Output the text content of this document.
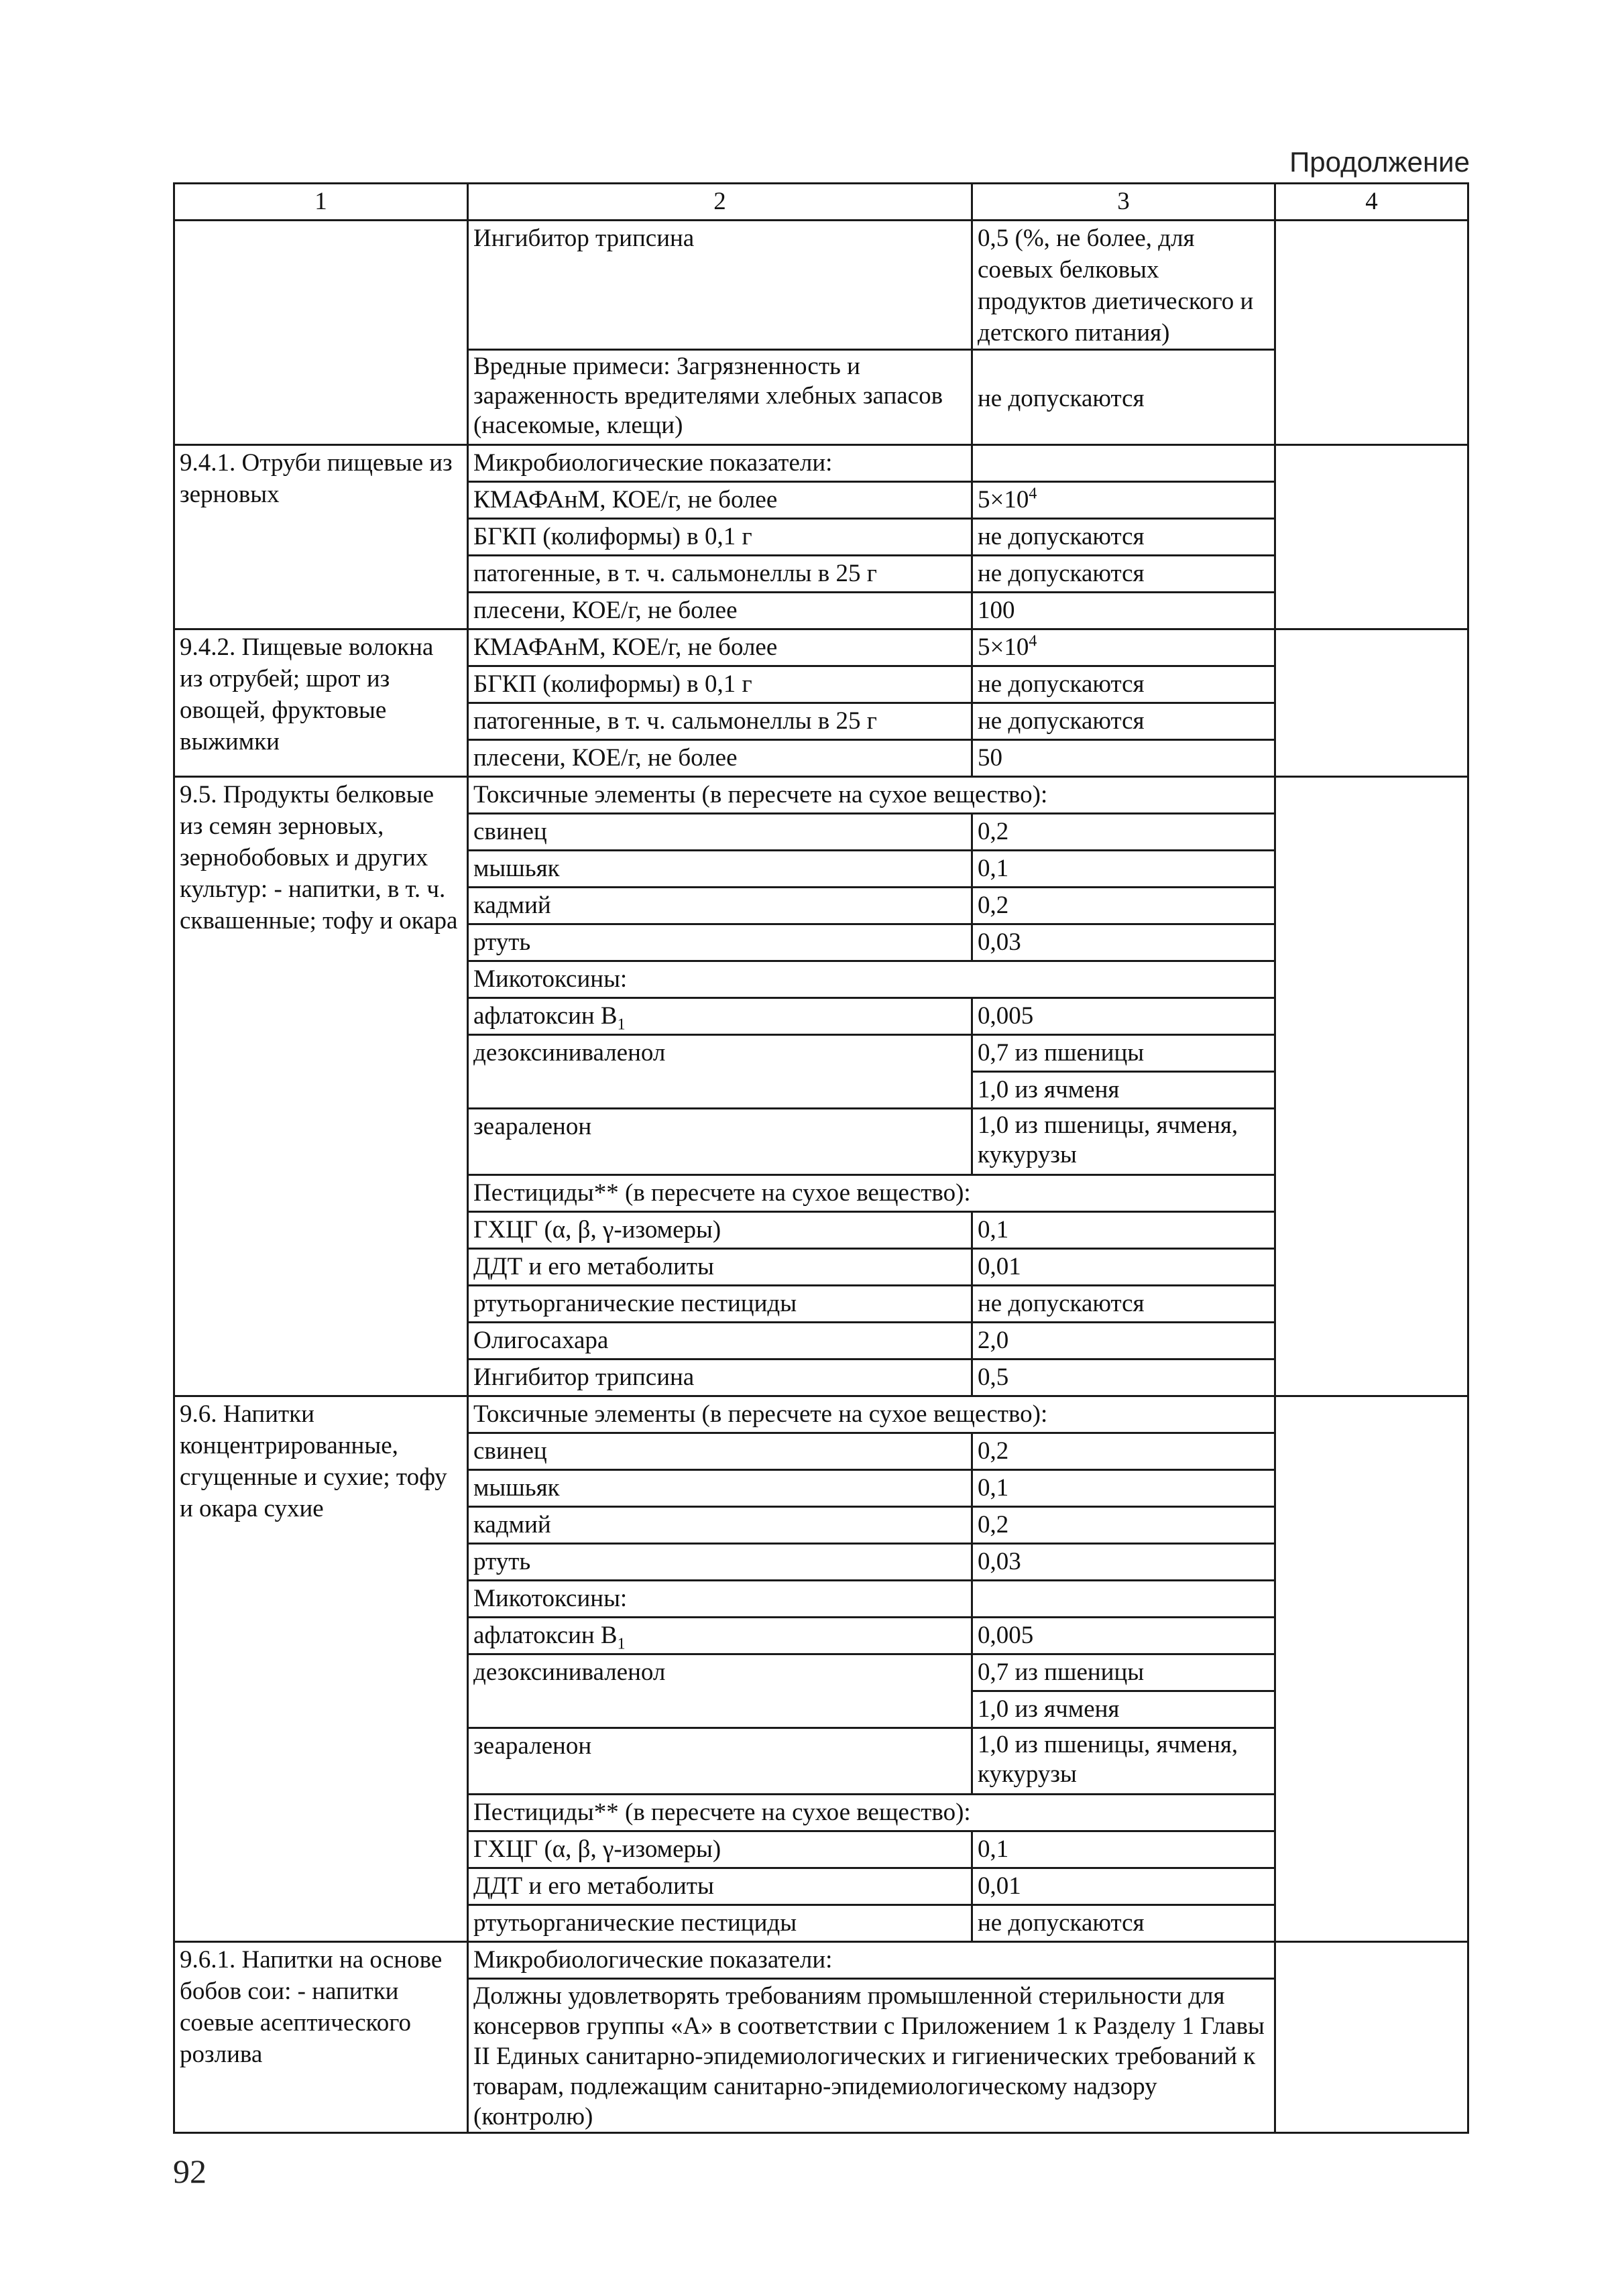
Продолжение
1	2	3	4
	Ингибитор трипсина	0,5 (%, не более, для соевых белковых продуктов диетического и детского питания)	
	Вредные примеси: Загрязненность и зараженность вредителями хлебных запасов (насекомые, клещи)	не допускаются	
9.4.1. Отруби пищевые из зерновых	Микробиологические показатели:		
	КМАФАнМ, КОЕ/г, не более	$5\times 10^4$
	БГКП (колиформы) в 0,1 г	не допускаются	
	патогенные, в т. ч. сальмонеллы в 25 г	не допускаются	
	плесени, КОЕ/г, не более	100	
9.4.2. Пищевые волокна из отрубей; шрот из овощей, фруктовые выжимки	КМАФАнМ, КОЕ/г, не более	$5\times 10^4$	
	БГКП (колиформы) в 0,1 г	не допускаются	
	патогенные, в т. ч. сальмонеллы в 25 г	не допускаются	
	плесени, КОЕ/г, не более	50	
9.5. Продукты белковые из семян зерновых, зернобобовых и других культур: - напитки, в т. ч. сквашенные; тофу и окара	Токсичные элементы (в пересчете на сухое вещество):		
	свинец	0,2	
	мышьяк	0,1	
	кадмий	0,2	
	ртуть	0,03	
	Микотоксины:		
	афлатоксин $В_1$	0,005	
	дезоксиниваленол	0,7 из пшеницы	
		1,0 из ячменя	
	зеараленон	1,0 из пшеницы, ячменя, кукурузы	
	Пестициды** (в пересчете на сухое вещество):		
	ГХЦГ (α, β, γ-изомеры)	0,1	
	ДДТ и его метаболиты	0,01	
	ртутьорганические пестициды	не допускаются	
	Олигосахара	2,0	
	Ингибитор трипсина	0,5	
9.6. Напитки концентрированные, сгущенные и сухие; тофу и окара сухие	Токсичные элементы (в пересчете на сухое вещество):		
	свинец	0,2	
	мышьяк	0,1	
	кадмий	0,2	
	ртуть	0,03	
	Микотоксины:		
	афлатоксин $В_1$	0,005	
	дезоксиниваленол	0,7 из пшеницы	
		1,0 из ячменя	
	зеараленон	1,0 из пшеницы, ячменя, кукурузы	
	Пестициды** (в пересчете на сухое вещество):		
	ГХЦГ (α, β, γ-изомеры)	0,1	
	ДДТ и его метаболиты	0,01	
	ртутьорганические пестициды	не допускаются	
9.6.1. Напитки на основе бобов сои: - напитки соевые асептического розлива	Микробиологические показатели:		
	Должны удовлетворять требованиям промышленной стерильности для консервов группы «А» в соответствии с Приложением 1 к Разделу 1 Главы II Единых санитарно-эпидемиологических и гигиенических требований к товарам, подлежащим санитарно-эпидемиологическому надзору (контролю)		
92
